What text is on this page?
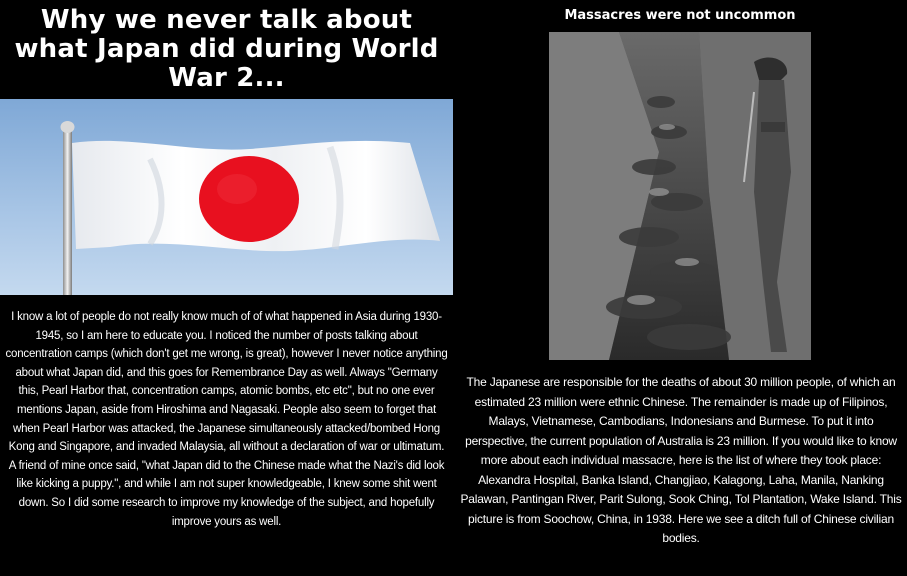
Why we never talk about what Japan did during World War 2...

I know a lot of people do not really know much of of what happened in Asia during 1930-1945, so I am here to educate you. I noticed the number of posts talking about concentration camps (which don't get me wrong, is great), however I never notice anything about what Japan did, and this goes for Remembrance Day as well. Always "Germany this, Pearl Harbor that, concentration camps, atomic bombs, etc etc", but no one ever mentions Japan, aside from Hiroshima and Nagasaki. People also seem to forget that when Pearl Harbor was attacked, the Japanese simultaneously attacked/bombed Hong Kong and Singapore, and invaded Malaysia, all without a declaration of war or ultimatum. A friend of mine once said, "what Japan did to the Chinese made what the Nazi's did look like kicking a puppy.", and while I am not super knowledgeable, I knew some shit went down. So I did some research to improve my knowledge of the subject, and hopefully improve yours as well.

Massacres were not uncommon

The Japanese are responsible for the deaths of about 30 million people, of which an estimated 23 million were ethnic Chinese. The remainder is made up of Filipinos, Malays, Vietnamese, Cambodians, Indonesians and Burmese. To put it into perspective, the current population of Australia is 23 million. If you would like to know more about each individual massacre, here is the list of where they took place: Alexandra Hospital, Banka Island, Changjiao, Kalagong, Laha, Manila, Nanking Palawan, Pantingan River, Parit Sulong, Sook Ching, Tol Plantation, Wake Island. This picture is from Soochow, China, in 1938. Here we see a ditch full of Chinese civilian bodies.
